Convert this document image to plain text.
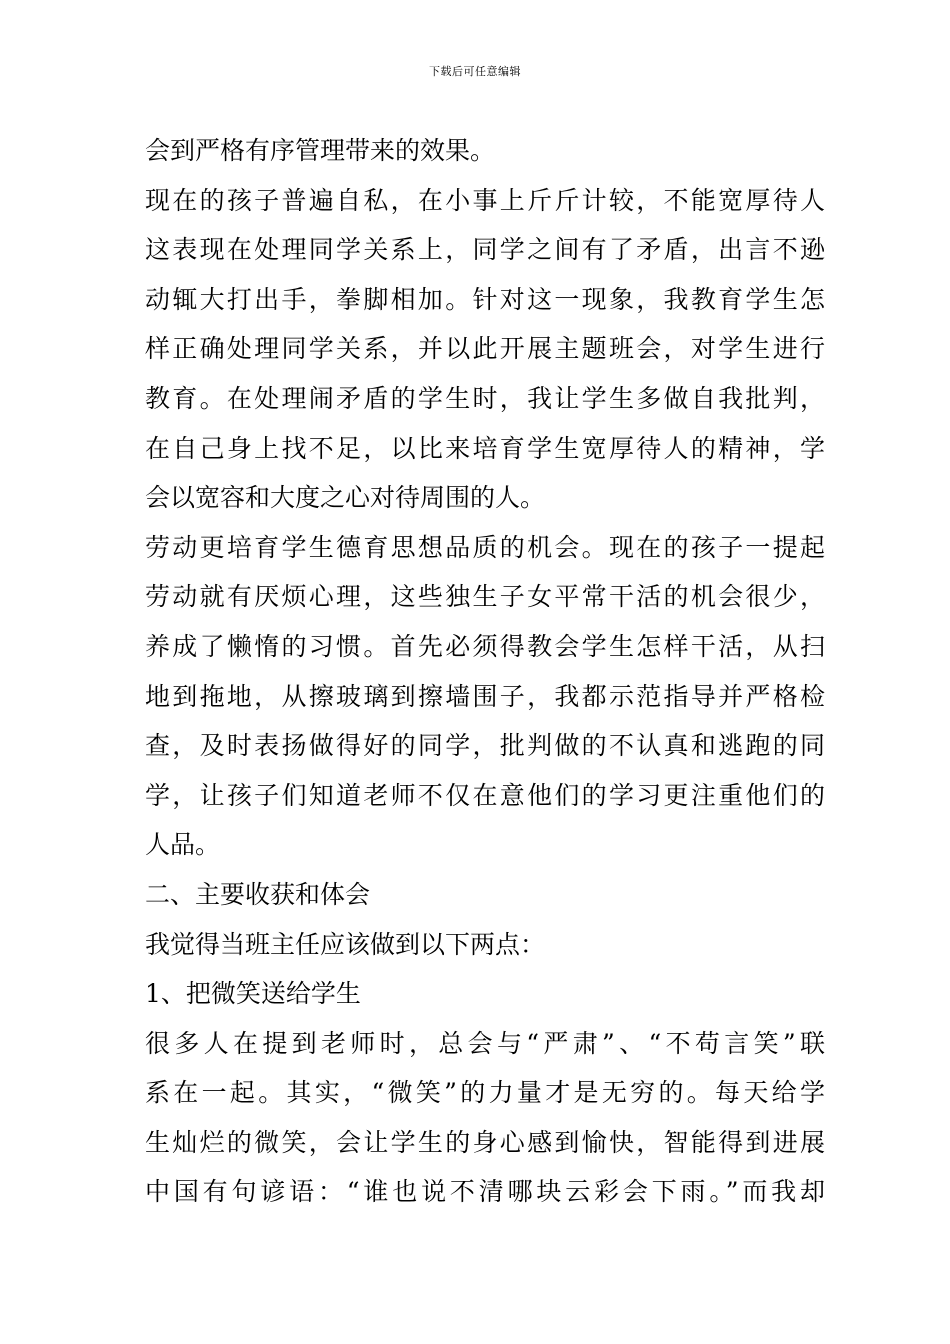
下载后可任意编辑
会到严格有序管理带来的效果。
现在的孩子普遍自私，在小事上斤斤计较，不能宽厚待人
这表现在处理同学关系上，同学之间有了矛盾，出言不逊
动辄大打出手，拳脚相加。针对这一现象，我教育学生怎
样正确处理同学关系，并以此开展主题班会，对学生进行
教育。在处理闹矛盾的学生时，我让学生多做自我批判，
在自己身上找不足，以比来培育学生宽厚待人的精神，学
会以宽容和大度之心对待周围的人。
劳动更培育学生德育思想品质的机会。现在的孩子一提起
劳动就有厌烦心理，这些独生子女平常干活的机会很少，
养成了懒惰的习惯。首先必须得教会学生怎样干活，从扫
地到拖地，从擦玻璃到擦墙围子，我都示范指导并严格检
查，及时表扬做得好的同学，批判做的不认真和逃跑的同
学，让孩子们知道老师不仅在意他们的学习更注重他们的
人品。
二、主要收获和体会
我觉得当班主任应该做到以下两点：
1、把微笑送给学生
很多人在提到老师时，总会与“严肃”、“不苟言笑”联
系在一起。其实，“微笑”的力量才是无穷的。每天给学
生灿烂的微笑，会让学生的身心感到愉快，智能得到进展
中国有句谚语：“谁也说不清哪块云彩会下雨。”而我却
